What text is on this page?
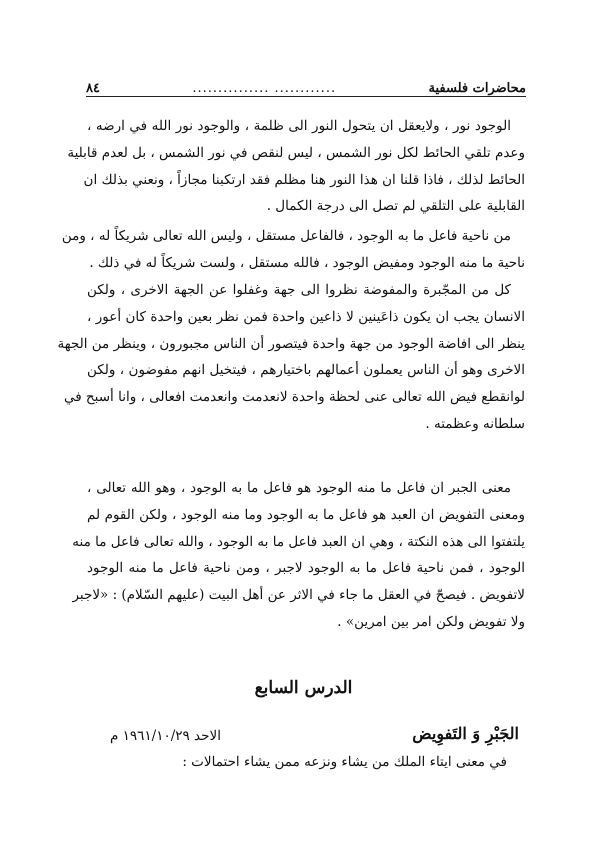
محاضرات فلسفية
............ ...............
٨٤
الوجود نور ، ولايعقل ان يتحول النور الى ظلمة ، والوجود نور الله في ارضه ،
وعدم تلقي الحائط لكل نور الشمس ، ليس لنقص في نور الشمس ، بل لعدم قابلية
الحائط لذلك ، فاذا قلنا ان هذا النور هنا مظلم فقد ارتكبنا مجازاً ، ونعني بذلك ان
القابلية على التلقي لم تصل الى درجة الكمال .
من ناحية فاعل ما به الوجود ، فالفاعل مستقل ، وليس الله تعالى شريكاً له ، ومن
ناحية ما منه الوجود ومفيض الوجود ، فالله مستقل ، ولست شريكاً له في ذلك .
كل من المجّبرة والمفوضة نظروا الى جهة وغفلوا عن الجهة الاخرى ، ولكن
الانسان يجب ان يكون ذاعَينين لا ذاعين واحدة فمن نظر بعين واحدة كان أعور ،
ينظر الى افاضة الوجود من جهة واحدة فيتصور أن الناس مجبورون ، وينظر من الجهة
الاخرى وهو أن الناس يعملون أعمالهم باختيارهم ، فيتخيل انهم مفوضون ، ولكن
لوانقطع فيض الله تعالى عنى لحظة واحدة لانعدمت وانعدمت افعالى ، وانا أسبح في
سلطانه وعظمته .
معنى الجبر ان فاعل ما منه الوجود هو فاعل ما به الوجود ، وهو الله تعالى ،
ومعنى التفويض ان العبد هو فاعل ما به الوجود وما منه الوجود ، ولكن القوم لم
يلتفتوا الى هذه النكتة ، وهي ان العبد فاعل ما به الوجود ، والله تعالى فاعل ما منه
الوجود ، فمن ناحية فاعل ما به الوجود لاجبر ، ومن ناحية فاعل ما منه الوجود
لاتفويض . فيصحّ في العقل ما جاء في الاثر عن أهل البيت (عليهم السّلام) : «لاجبر
ولا تفويض ولكن امر بين امرين» .
الدرس السابع
الجَبْرِ وَ التَفوِيض
الاحد ١٩٦١/١٠/٢٩ م
في معنى ايتاء الملك من يشاء ونزعه ممن يشاء احتمالات :
